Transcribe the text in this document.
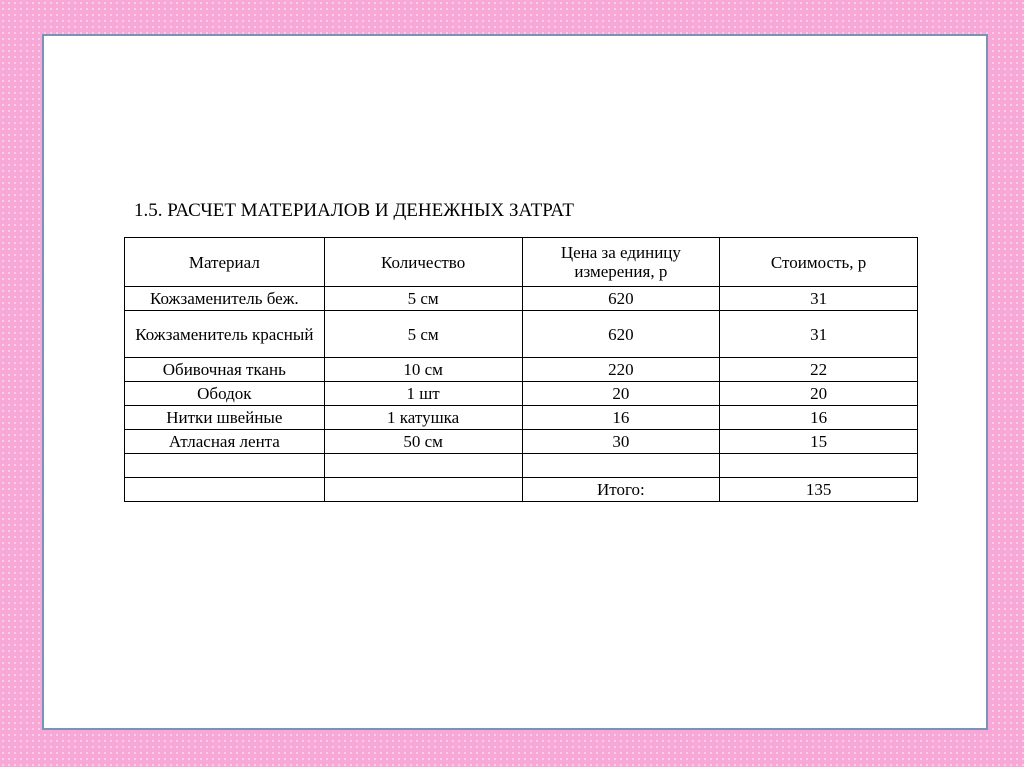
1.5. РАСЧЕТ МАТЕРИАЛОВ И ДЕНЕЖНЫХ ЗАТРАТ
Материал	Количество	Цена за единицу измерения, р	Стоимость, р
Кожзаменитель беж.	5 см	620	31
Кожзаменитель красный	5 см	620	31
Обивочная ткань	10 см	220	22
Ободок	1 шт	20	20
Нитки швейные	1 катушка	16	16
Атласная лента	50 см	30	15

		Итого:	135
